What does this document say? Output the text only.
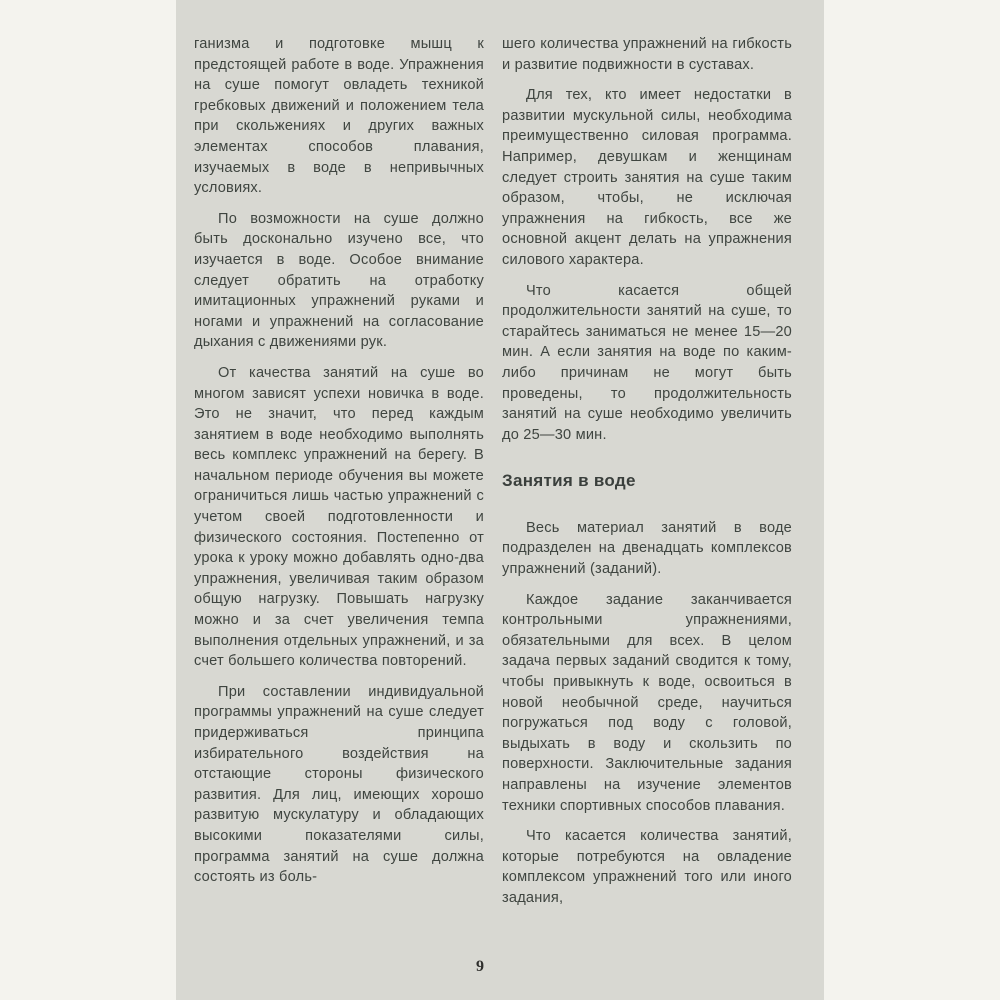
ганизма и подготовке мышц к предстоящей работе в воде. Упражнения на суше помогут овладеть техникой гребковых движений и положением тела при скольжениях и других важных элементах способов плавания, изучаемых в воде в непривычных условиях.

По возможности на суше должно быть досконально изучено все, что изучается в воде. Особое внимание следует обратить на отработку имитационных упражнений руками и ногами и упражнений на согласование дыхания с движениями рук.

От качества занятий на суше во многом зависят успехи новичка в воде. Это не значит, что перед каждым занятием в воде необходимо выполнять весь комплекс упражнений на берегу. В начальном периоде обучения вы можете ограничиться лишь частью упражнений с учетом своей подготовленности и физического состояния. Постепенно от урока к уроку можно добавлять одно-два упражнения, увеличивая таким образом общую нагрузку. Повышать нагрузку можно и за счет увеличения темпа выполнения отдельных упражнений, и за счет большего количества повторений.

При составлении индивидуальной программы упражнений на суше следует придерживаться принципа избирательного воздействия на отстающие стороны физического развития. Для лиц, имеющих хорошо развитую мускулатуру и обладающих высокими показателями силы, программа занятий на суше должна состоять из боль-

шего количества упражнений на гибкость и развитие подвижности в суставах.

Для тех, кто имеет недостатки в развитии мускульной силы, необходима преимущественно силовая программа. Например, девушкам и женщинам следует строить занятия на суше таким образом, чтобы, не исключая упражнения на гибкость, все же основной акцент делать на упражнения силового характера.

Что касается общей продолжительности занятий на суше, то старайтесь заниматься не менее 15—20 мин. А если занятия на воде по каким-либо причинам не могут быть проведены, то продолжительность занятий на суше необходимо увеличить до 25—30 мин.

Занятия в воде

Весь материал занятий в воде подразделен на двенадцать комплексов упражнений (заданий).

Каждое задание заканчивается контрольными упражнениями, обязательными для всех. В целом задача первых заданий сводится к тому, чтобы привыкнуть к воде, освоиться в новой необычной среде, научиться погружаться под воду с головой, выдыхать в воду и скользить по поверхности. Заключительные задания направлены на изучение элементов техники спортивных способов плавания.

Что касается количества занятий, которые потребуются на овладение комплексом упражнений того или иного задания,

9
